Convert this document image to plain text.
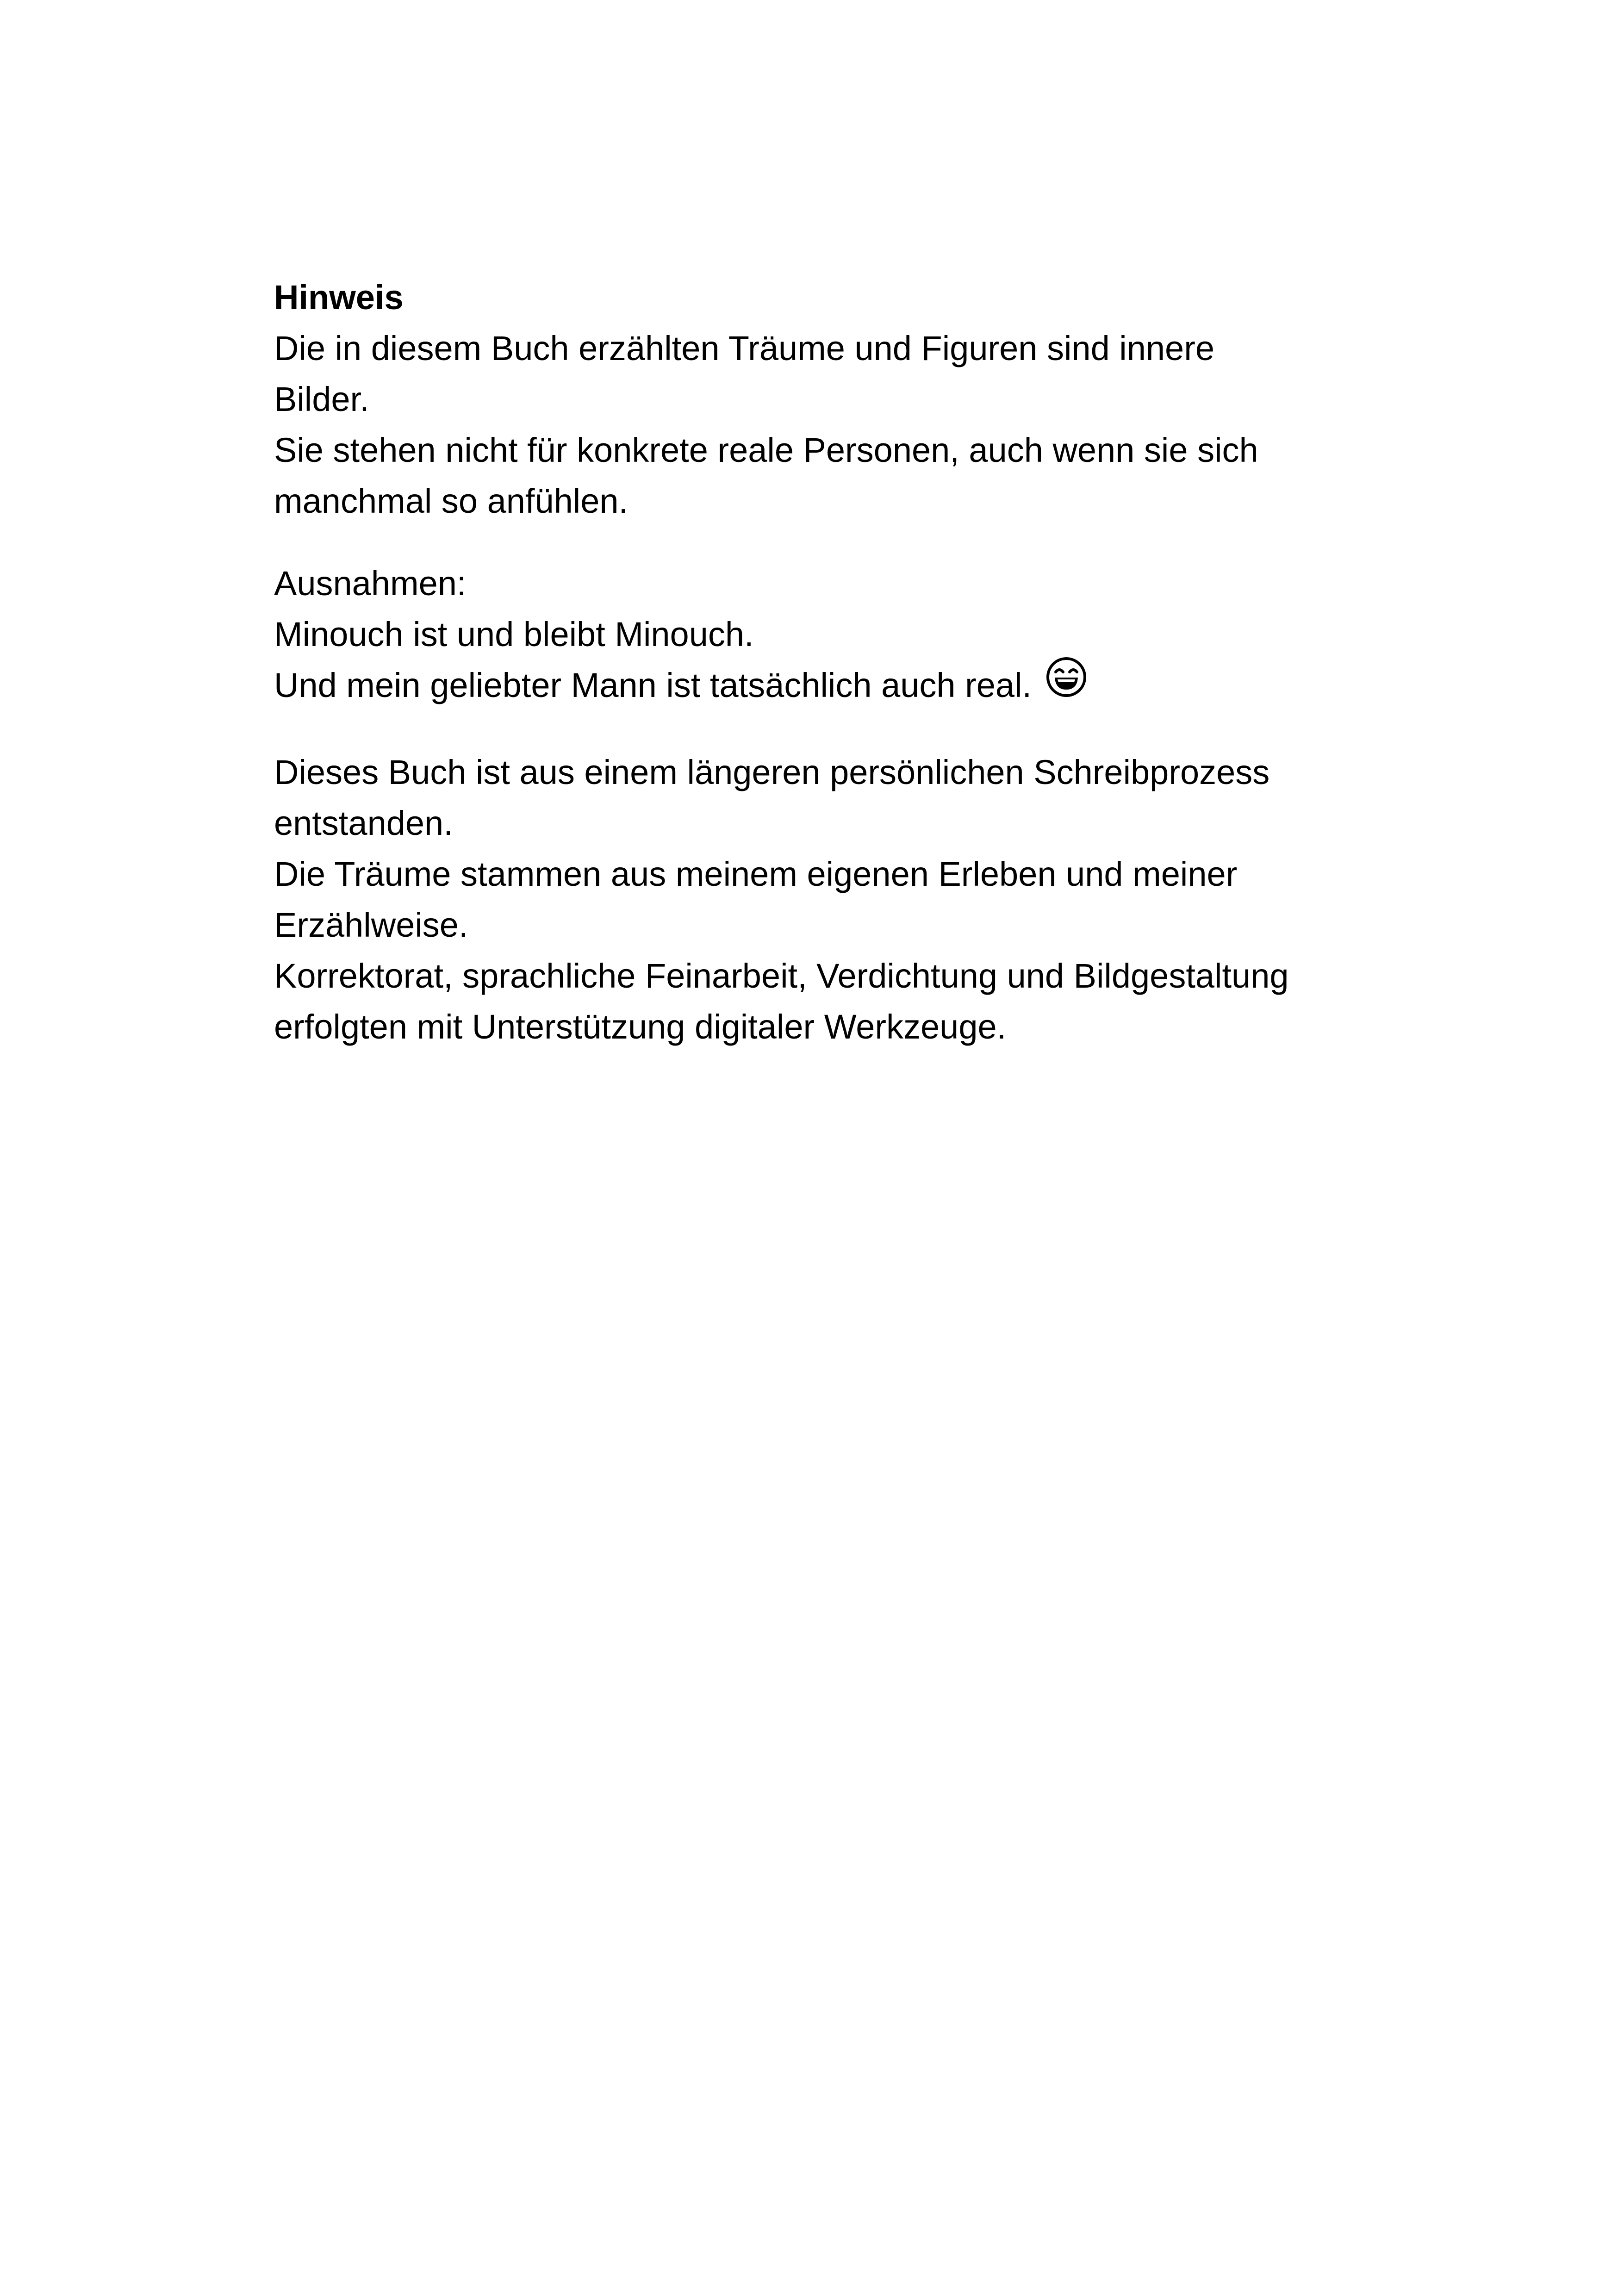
Hinweis

Die in diesem Buch erzählten Träume und Figuren sind innere

Bilder.

Sie stehen nicht für konkrete reale Personen, auch wenn sie sich

manchmal so anfühlen.

Ausnahmen:

Minouch ist und bleibt Minouch.

Und mein geliebter Mann ist tatsächlich auch real.

Dieses Buch ist aus einem längeren persönlichen Schreibprozess

entstanden.

Die Träume stammen aus meinem eigenen Erleben und meiner

Erzählweise.

Korrektorat, sprachliche Feinarbeit, Verdichtung und Bildgestaltung

erfolgten mit Unterstützung digitaler Werkzeuge.
